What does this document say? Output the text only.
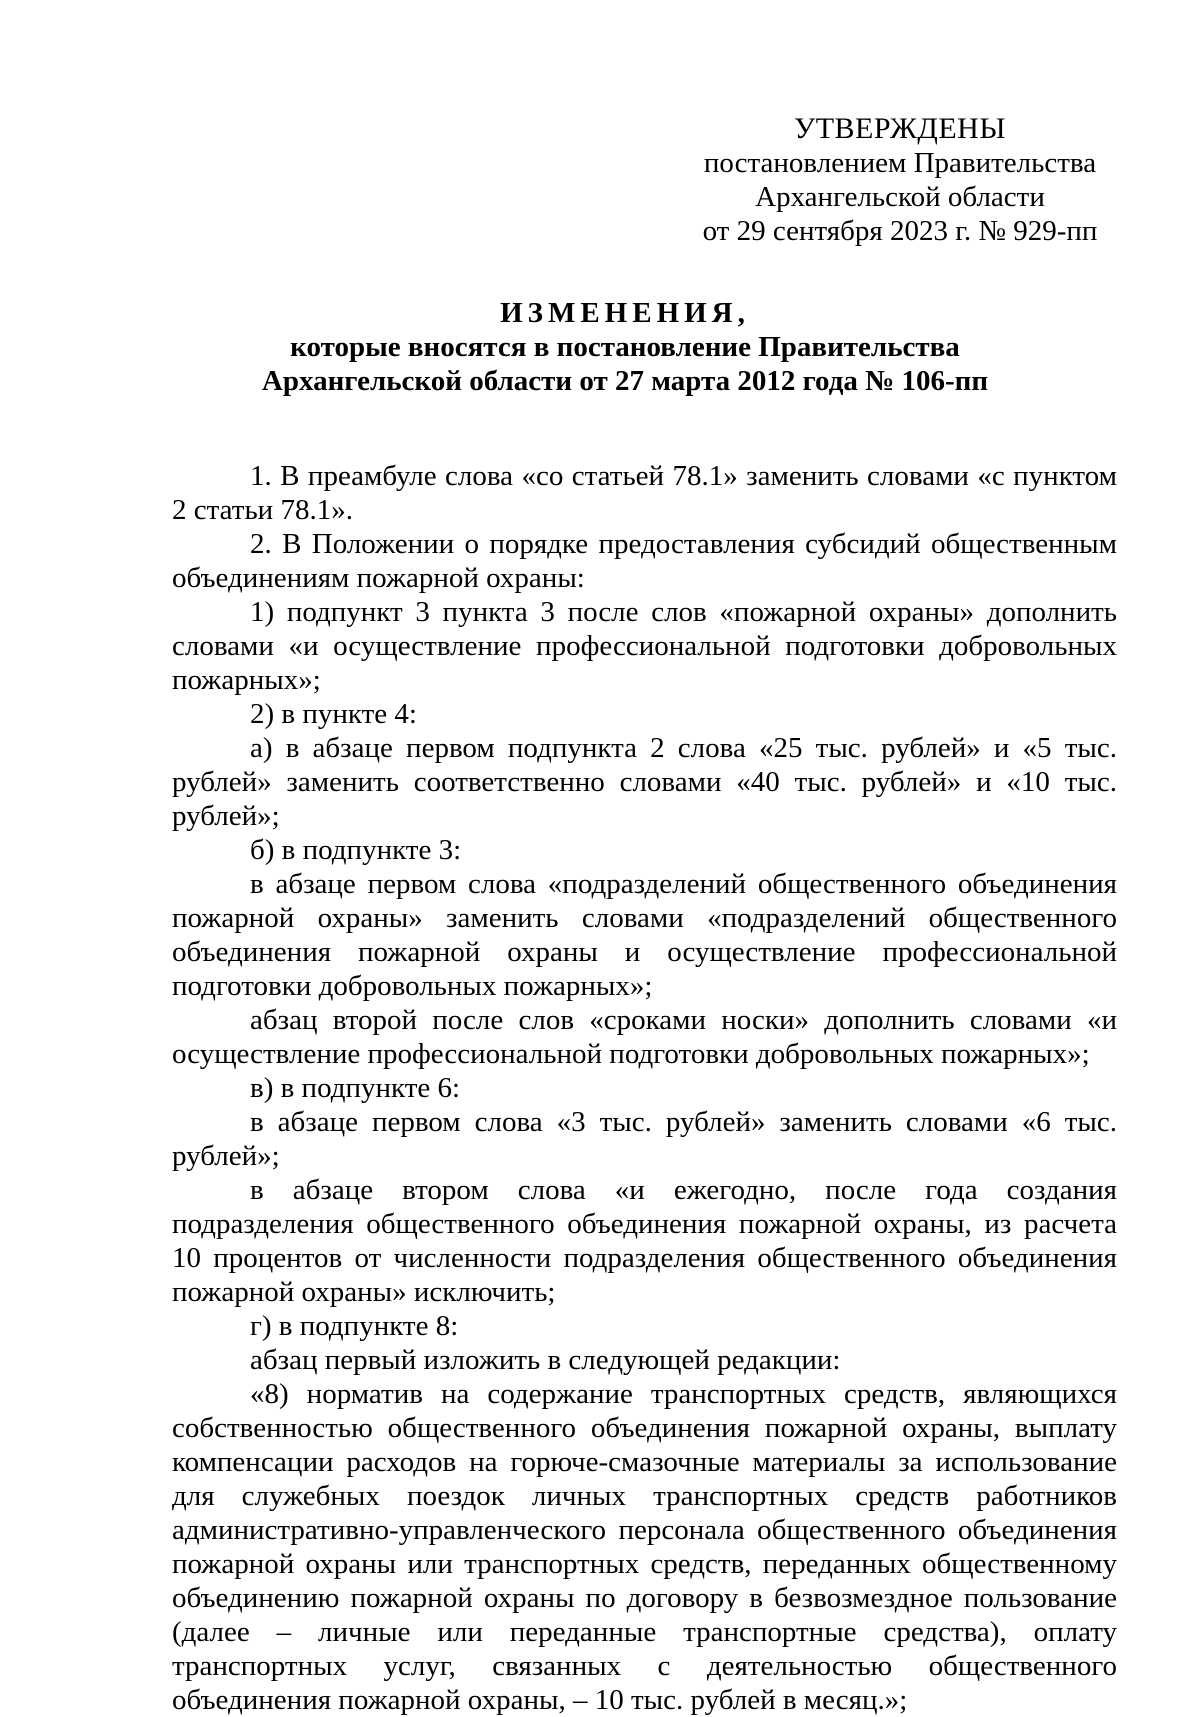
УТВЕРЖДЕНЫ
постановлением Правительства
Архангельской области
от 29 сентября 2023 г. № 929-пп
ИЗМЕНЕНИЯ,
которые вносятся в постановление Правительства
Архангельской области от 27 марта 2012 года № 106-пп

1. В преамбуле слова «со статьей 78.1» заменить словами «с пунктом 2 статьи 78.1».

2. В Положении о порядке предоставления субсидий общественным объединениям пожарной охраны:

1) подпункт 3 пункта 3 после слов «пожарной охраны» дополнить словами «и осуществление профессиональной подготовки добровольных пожарных»;

2) в пункте 4:

а) в абзаце первом подпункта 2 слова «25 тыс. рублей» и «5 тыс. рублей» заменить соответственно словами «40 тыс. рублей» и «10 тыс. рублей»;

б) в подпункте 3:

в абзаце первом слова «подразделений общественного объединения пожарной охраны» заменить словами «подразделений общественного объединения пожарной охраны и осуществление профессиональной подготовки добровольных пожарных»;

абзац второй после слов «сроками носки» дополнить словами «и осуществление профессиональной подготовки добровольных пожарных»;

в) в подпункте 6:

в абзаце первом слова «3 тыс. рублей» заменить словами «6 тыс. рублей»;

в абзаце втором слова «и ежегодно, после года создания подразделения общественного объединения пожарной охраны, из расчета 10 процентов от численности подразделения общественного объединения пожарной охраны» исключить;

г) в подпункте 8:

абзац первый изложить в следующей редакции:

«8) норматив на содержание транспортных средств, являющихся собственностью общественного объединения пожарной охраны, выплату компенсации расходов на горюче-смазочные материалы за использование для служебных поездок личных транспортных средств работников административно-управленческого персонала общественного объединения пожарной охраны или транспортных средств, переданных общественному объединению пожарной охраны по договору в безвозмездное пользование (далее – личные или переданные транспортные средства), оплату транспортных услуг, связанных с деятельностью общественного объединения пожарной охраны, – 10 тыс. рублей в месяц.»;
